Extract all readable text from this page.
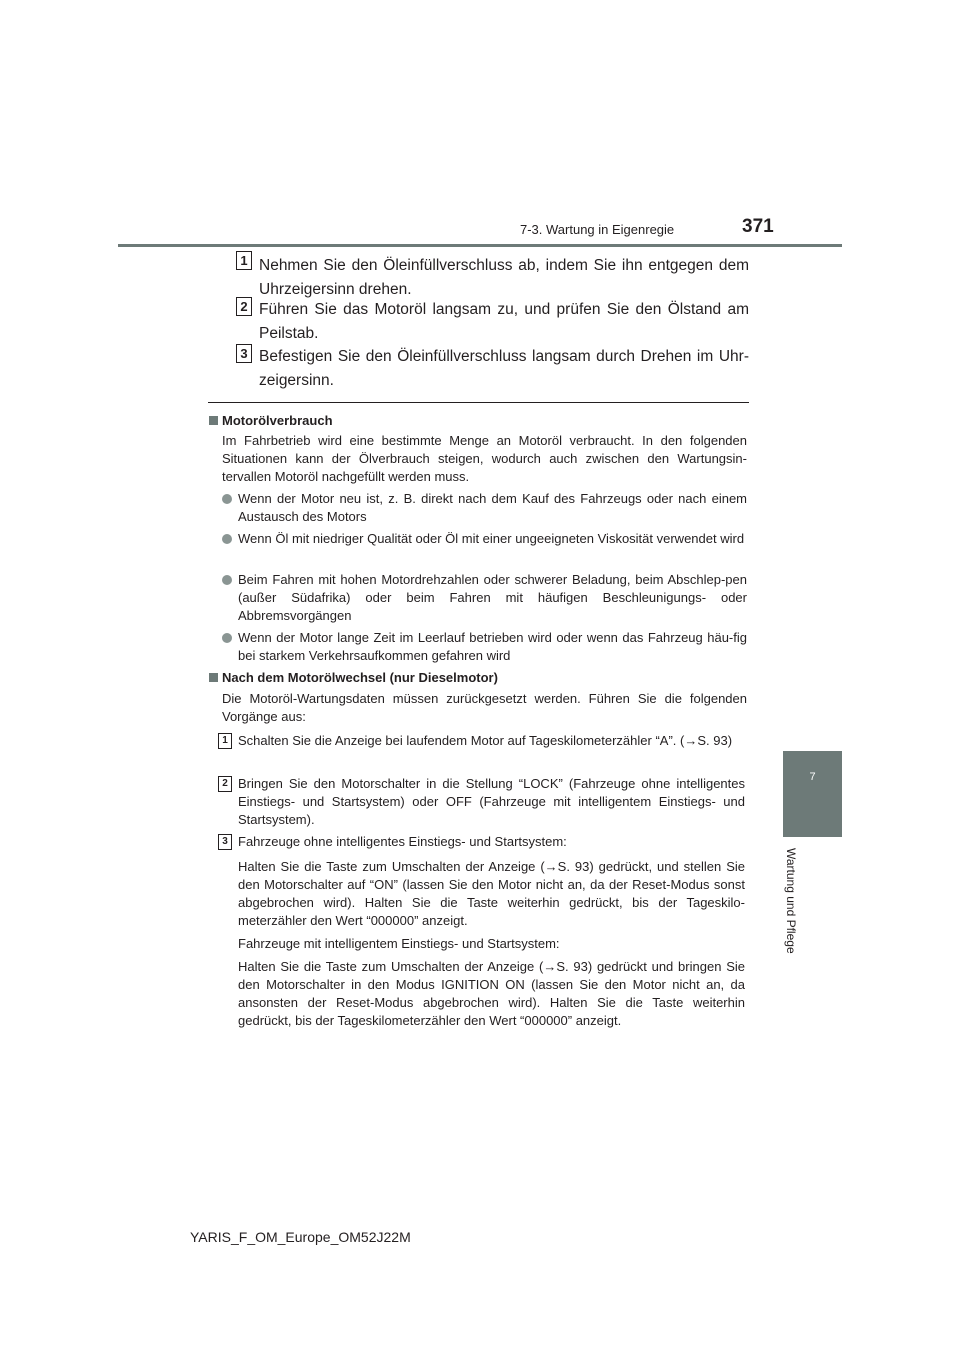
7-3. Wartung in Eigenregie	371
7
Wartung und Pflege
1 Nehmen Sie den Öleinfüllverschluss ab, indem Sie ihn entgegen dem Uhrzeigersinn drehen.
2 Führen Sie das Motoröl langsam zu, und prüfen Sie den Ölstand am Peilstab.
3 Befestigen Sie den Öleinfüllverschluss langsam durch Drehen im Uhr-zeigersinn.
Motorölverbrauch
Im Fahrbetrieb wird eine bestimmte Menge an Motoröl verbraucht. In den folgenden Situationen kann der Ölverbrauch steigen, wodurch auch zwischen den Wartungsin-tervallen Motoröl nachgefüllt werden muss.
Wenn der Motor neu ist, z. B. direkt nach dem Kauf des Fahrzeugs oder nach einem Austausch des Motors
Wenn Öl mit niedriger Qualität oder Öl mit einer ungeeigneten Viskosität verwendet wird
Beim Fahren mit hohen Motordrehzahlen oder schwerer Beladung, beim Abschlep-pen (außer Südafrika) oder beim Fahren mit häufigen Beschleunigungs- oder Abbremsvorgängen
Wenn der Motor lange Zeit im Leerlauf betrieben wird oder wenn das Fahrzeug häu-fig bei starkem Verkehrsaufkommen gefahren wird
Nach dem Motorölwechsel (nur Dieselmotor)
Die Motoröl-Wartungsdaten müssen zurückgesetzt werden. Führen Sie die folgenden Vorgänge aus:
1 Schalten Sie die Anzeige bei laufendem Motor auf Tageskilometerzähler “A”. (→S. 93)
2 Bringen Sie den Motorschalter in die Stellung “LOCK” (Fahrzeuge ohne intelligentes Einstiegs- und Startsystem) oder OFF (Fahrzeuge mit intelligentem Einstiegs- und Startsystem).
3 Fahrzeuge ohne intelligentes Einstiegs- und Startsystem:
Halten Sie die Taste zum Umschalten der Anzeige (→S. 93) gedrückt, und stellen Sie den Motorschalter auf “ON” (lassen Sie den Motor nicht an, da der Reset-Modus sonst abgebrochen wird). Halten Sie die Taste weiterhin gedrückt, bis der Tageskilo-meterzähler den Wert “000000” anzeigt.
Fahrzeuge mit intelligentem Einstiegs- und Startsystem:
Halten Sie die Taste zum Umschalten der Anzeige (→S. 93) gedrückt und bringen Sie den Motorschalter in den Modus IGNITION ON (lassen Sie den Motor nicht an, da ansonsten der Reset-Modus abgebrochen wird). Halten Sie die Taste weiterhin gedrückt, bis der Tageskilometerzähler den Wert “000000” anzeigt.
YARIS_F_OM_Europe_OM52J22M
